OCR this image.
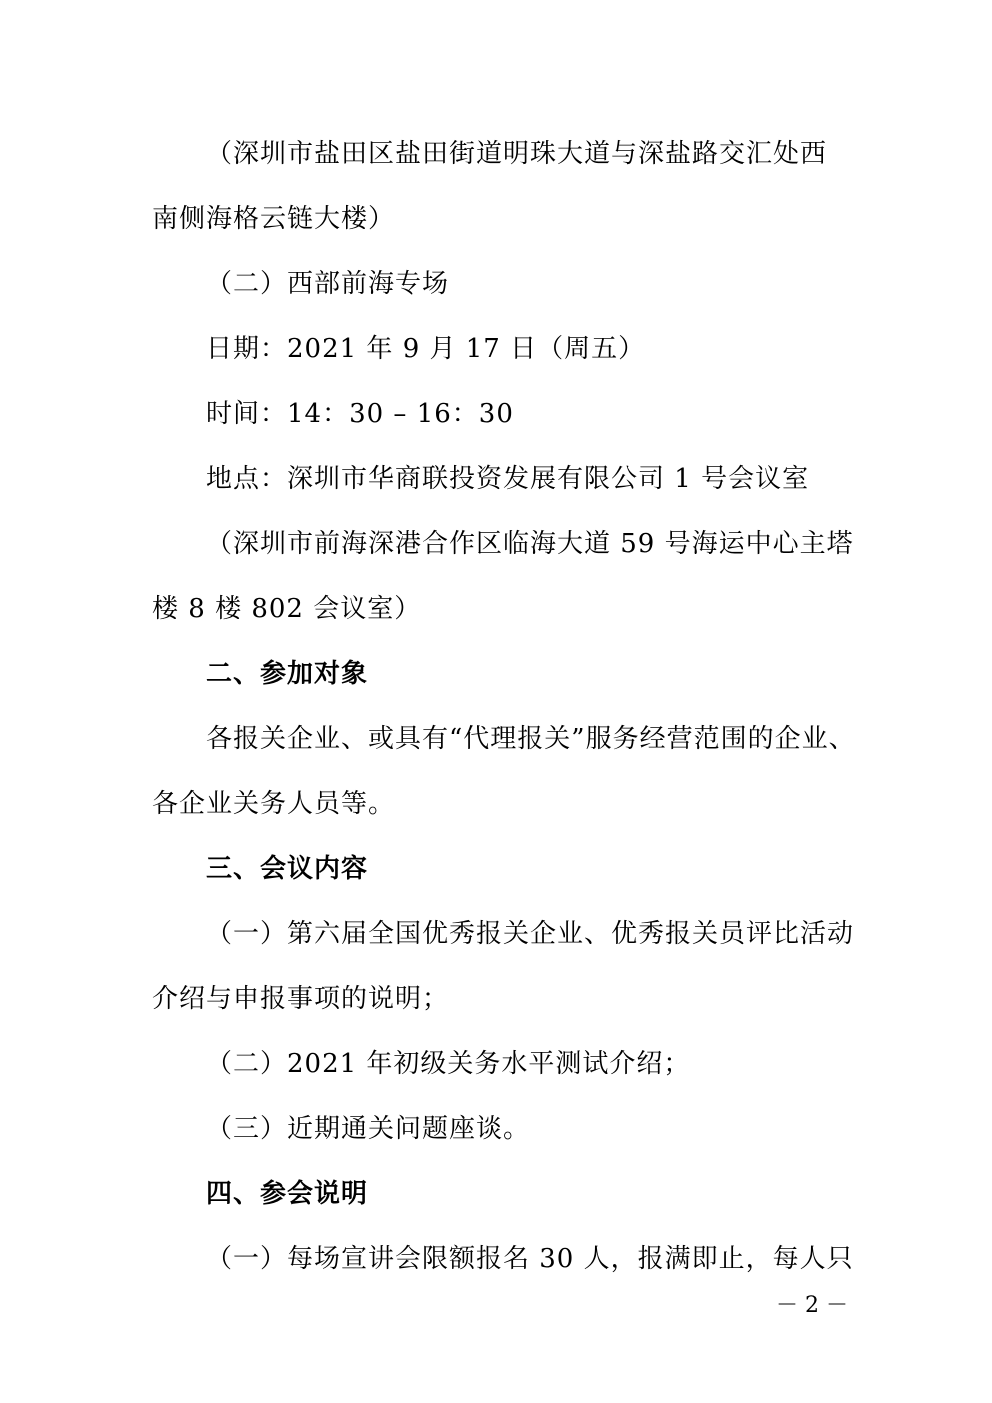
（深圳市盐田区盐田街道明珠大道与深盐路交汇处西
南侧海格云链大楼）
（二）西部前海专场
日期：2021 年 9 月 17 日（周五）
时间：14：30 – 16：30
地点：深圳市华商联投资发展有限公司 1 号会议室
（深圳市前海深港合作区临海大道 59 号海运中心主塔
楼 8 楼 802 会议室）
二、参加对象
各报关企业、或具有“代理报关”服务经营范围的企业、
各企业关务人员等。
三、会议内容
（一）第六届全国优秀报关企业、优秀报关员评比活动
介绍与申报事项的说明；
（二）2021 年初级关务水平测试介绍；
（三）近期通关问题座谈。
四、参会说明
（一）每场宣讲会限额报名 30 人，报满即止，每人只
－ 2 －
